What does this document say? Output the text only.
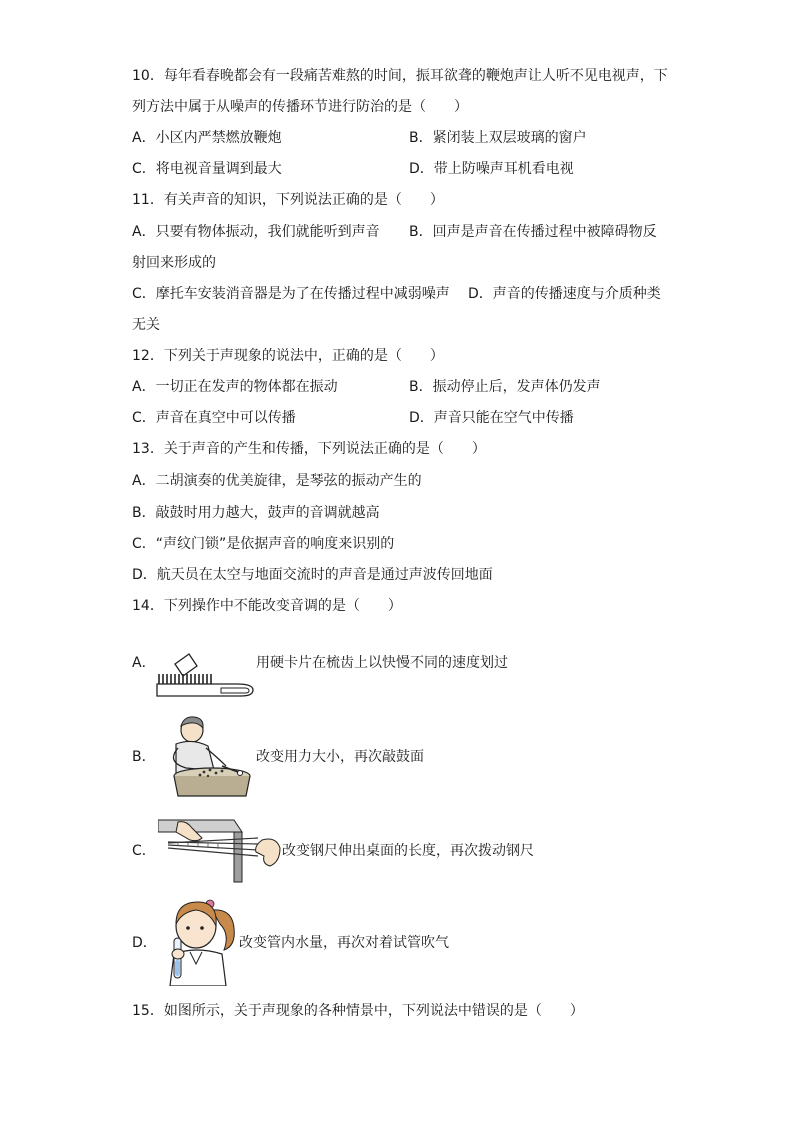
10．每年看春晚都会有一段痛苦难熬的时间，振耳欲聋的鞭炮声让人听不见电视声，下
列方法中属于从噪声的传播环节进行防治的是（　　）
A．小区内严禁燃放鞭炮	B．紧闭装上双层玻璃的窗户
C．将电视音量调到最大	D．带上防噪声耳机看电视
11．有关声音的知识，下列说法正确的是（　　）
A．只要有物体振动，我们就能听到声音 B．回声是声音在传播过程中被障碍物反
射回来形成的
C．摩托车安装消音器是为了在传播过程中减弱噪声 D．声音的传播速度与介质种类
无关
12．下列关于声现象的说法中，正确的是（　　）
A．一切正在发声的物体都在振动	B．振动停止后，发声体仍发声
C．声音在真空中可以传播	D．声音只能在空气中传播
13．关于声音的产生和传播，下列说法正确的是（　　）
A．二胡演奏的优美旋律，是琴弦的振动产生的
B．敲鼓时用力越大，鼓声的音调就越高
C．“声纹门锁”是依据声音的响度来识别的
D．航天员在太空与地面交流时的声音是通过声波传回地面
14．下列操作中不能改变音调的是（　　）
A．	用硬卡片在梳齿上以快慢不同的速度划过
B．	改变用力大小，再次敲鼓面
C．	改变钢尺伸出桌面的长度，再次拨动钢尺
D．	改变管内水量，再次对着试管吹气
15．如图所示，关于声现象的各种情景中，下列说法中错误的是（　　）
